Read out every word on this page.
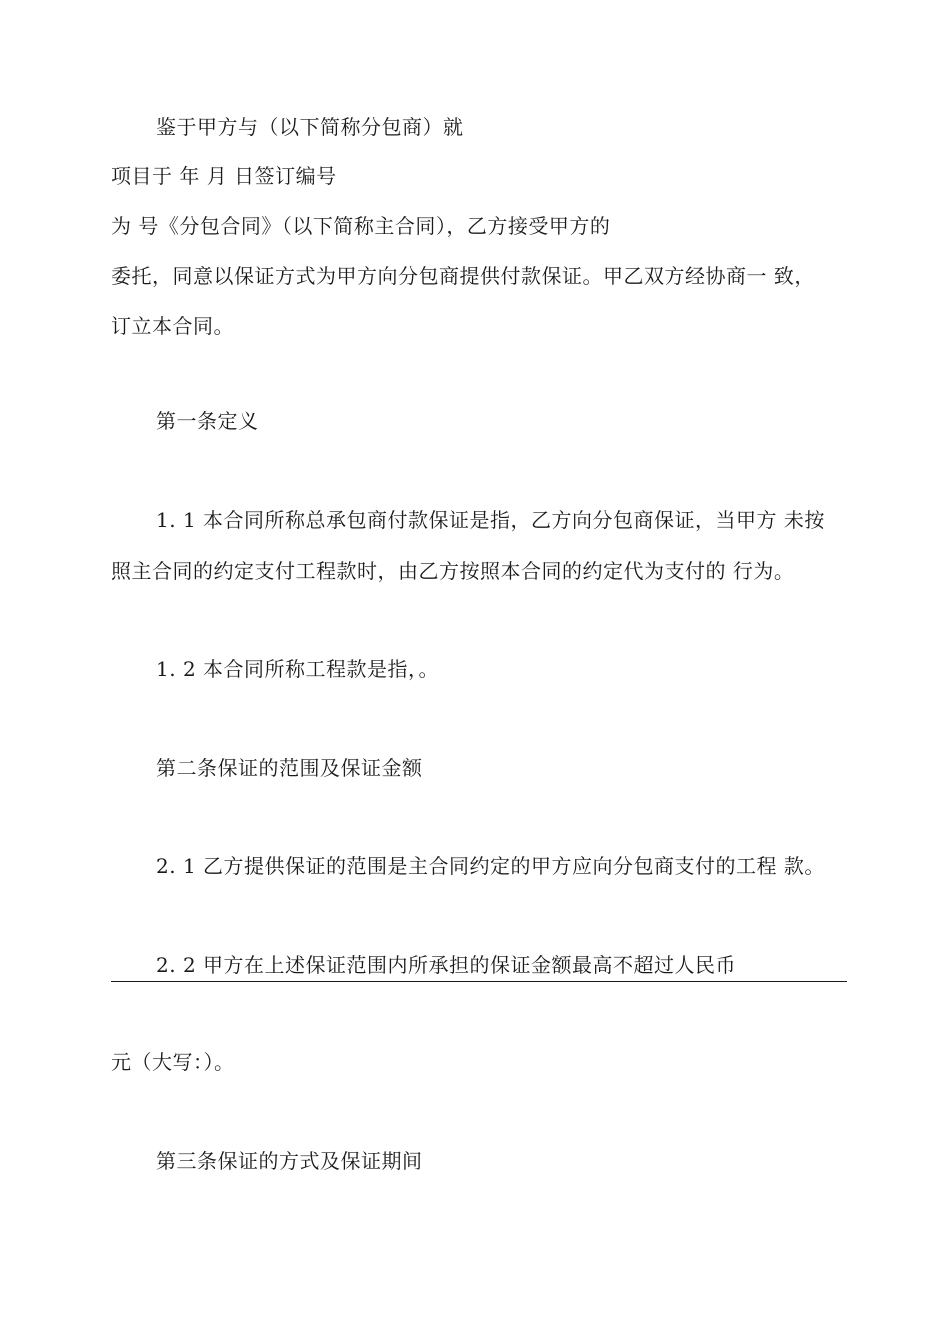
鉴于甲方与（以下简称分包商）就
项目于 年 月 日签订编号
为 号《分包合同》（以下简称主合同），乙方接受甲方的
委托，同意以保证方式为甲方向分包商提供付款保证。甲乙双方经协商一 致，
订立本合同。
第一条定义
1. 1 本合同所称总承包商付款保证是指，乙方向分包商保证，当甲方 未按
照主合同的约定支付工程款时，由乙方按照本合同的约定代为支付的 行为。
1. 2 本合同所称工程款是指，。
第二条保证的范围及保证金额
2. 1 乙方提供保证的范围是主合同约定的甲方应向分包商支付的工程 款。
2. 2 甲方在上述保证范围内所承担的保证金额最高不超过人民币
元（大写：）。
第三条保证的方式及保证期间
